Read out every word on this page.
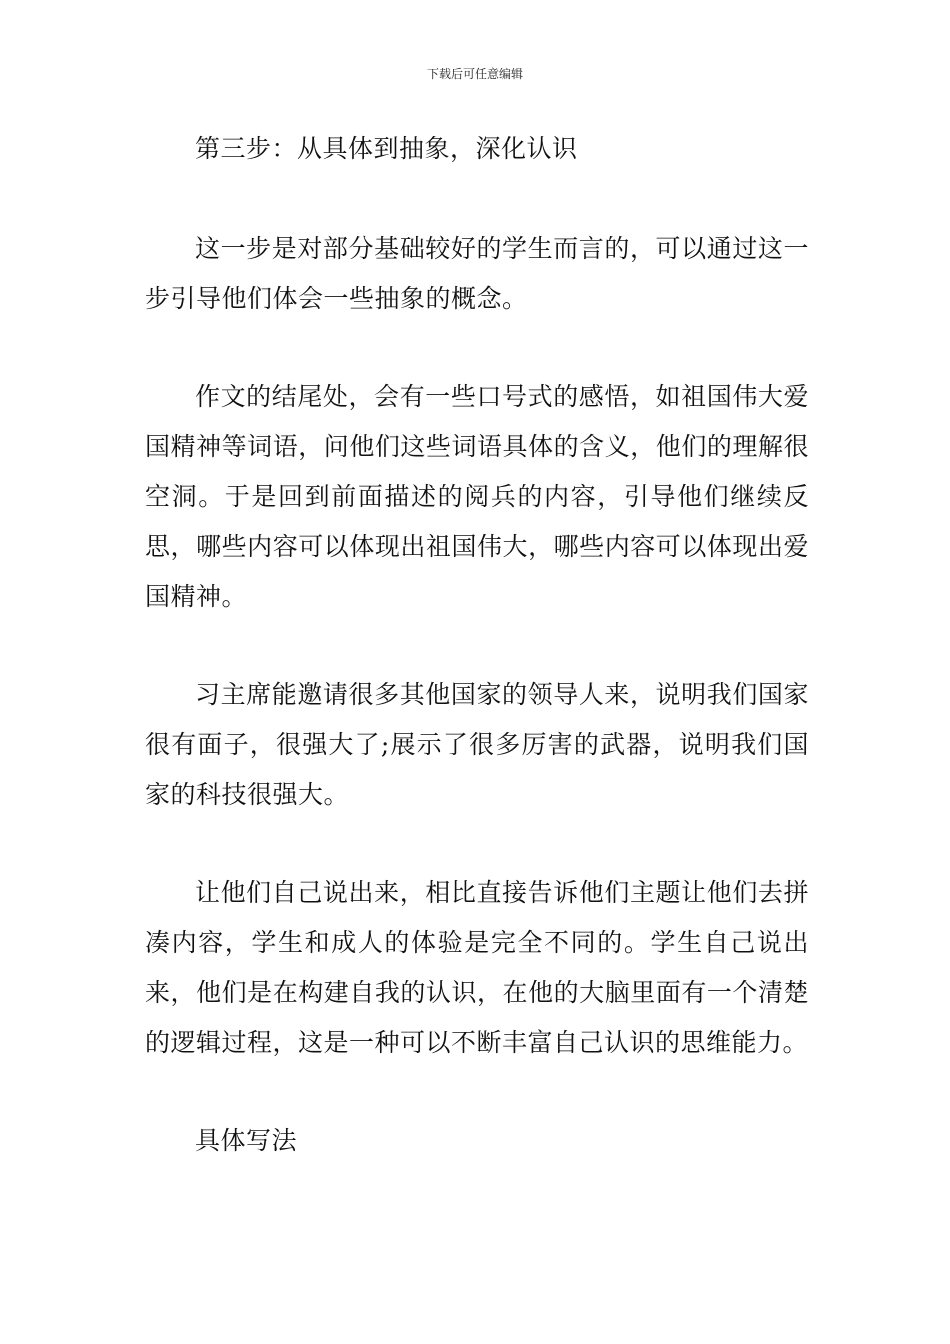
下载后可任意编辑

第三步：从具体到抽象，深化认识

这一步是对部分基础较好的学生而言的，可以通过这一步引导他们体会一些抽象的概念。

作文的结尾处，会有一些口号式的感悟，如祖国伟大爱国精神等词语，问他们这些词语具体的含义，他们的理解很空洞。于是回到前面描述的阅兵的内容，引导他们继续反思，哪些内容可以体现出祖国伟大，哪些内容可以体现出爱国精神。

习主席能邀请很多其他国家的领导人来，说明我们国家很有面子，很强大了;展示了很多厉害的武器，说明我们国家的科技很强大。

让他们自己说出来，相比直接告诉他们主题让他们去拼凑内容，学生和成人的体验是完全不同的。学生自己说出来，他们是在构建自我的认识，在他的大脑里面有一个清楚的逻辑过程，这是一种可以不断丰富自己认识的思维能力。

具体写法
